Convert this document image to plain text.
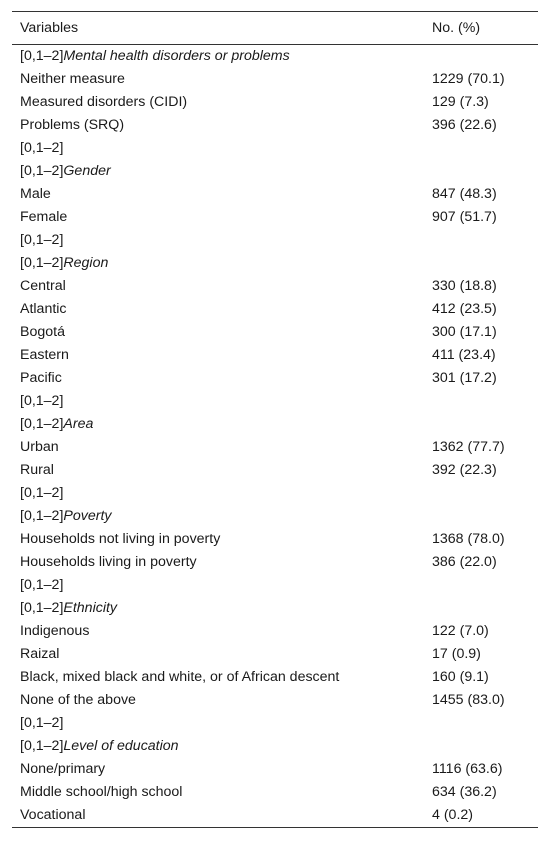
Variables	No. (%)
[0,1–2]Mental health disorders or problems	
Neither measure	1229 (70.1)
Measured disorders (CIDI)	129 (7.3)
Problems (SRQ)	396 (22.6)
[0,1–2]	
[0,1–2]Gender	
Male	847 (48.3)
Female	907 (51.7)
[0,1–2]	
[0,1–2]Region	
Central	330 (18.8)
Atlantic	412 (23.5)
Bogotá	300 (17.1)
Eastern	411 (23.4)
Pacific	301 (17.2)
[0,1–2]	
[0,1–2]Area	
Urban	1362 (77.7)
Rural	392 (22.3)
[0,1–2]	
[0,1–2]Poverty	
Households not living in poverty	1368 (78.0)
Households living in poverty	386 (22.0)
[0,1–2]	
[0,1–2]Ethnicity	
Indigenous	122 (7.0)
Raizal	17 (0.9)
Black, mixed black and white, or of African descent	160 (9.1)
None of the above	1455 (83.0)
[0,1–2]	
[0,1–2]Level of education	
None/primary	1116 (63.6)
Middle school/high school	634 (36.2)
Vocational	4 (0.2)
